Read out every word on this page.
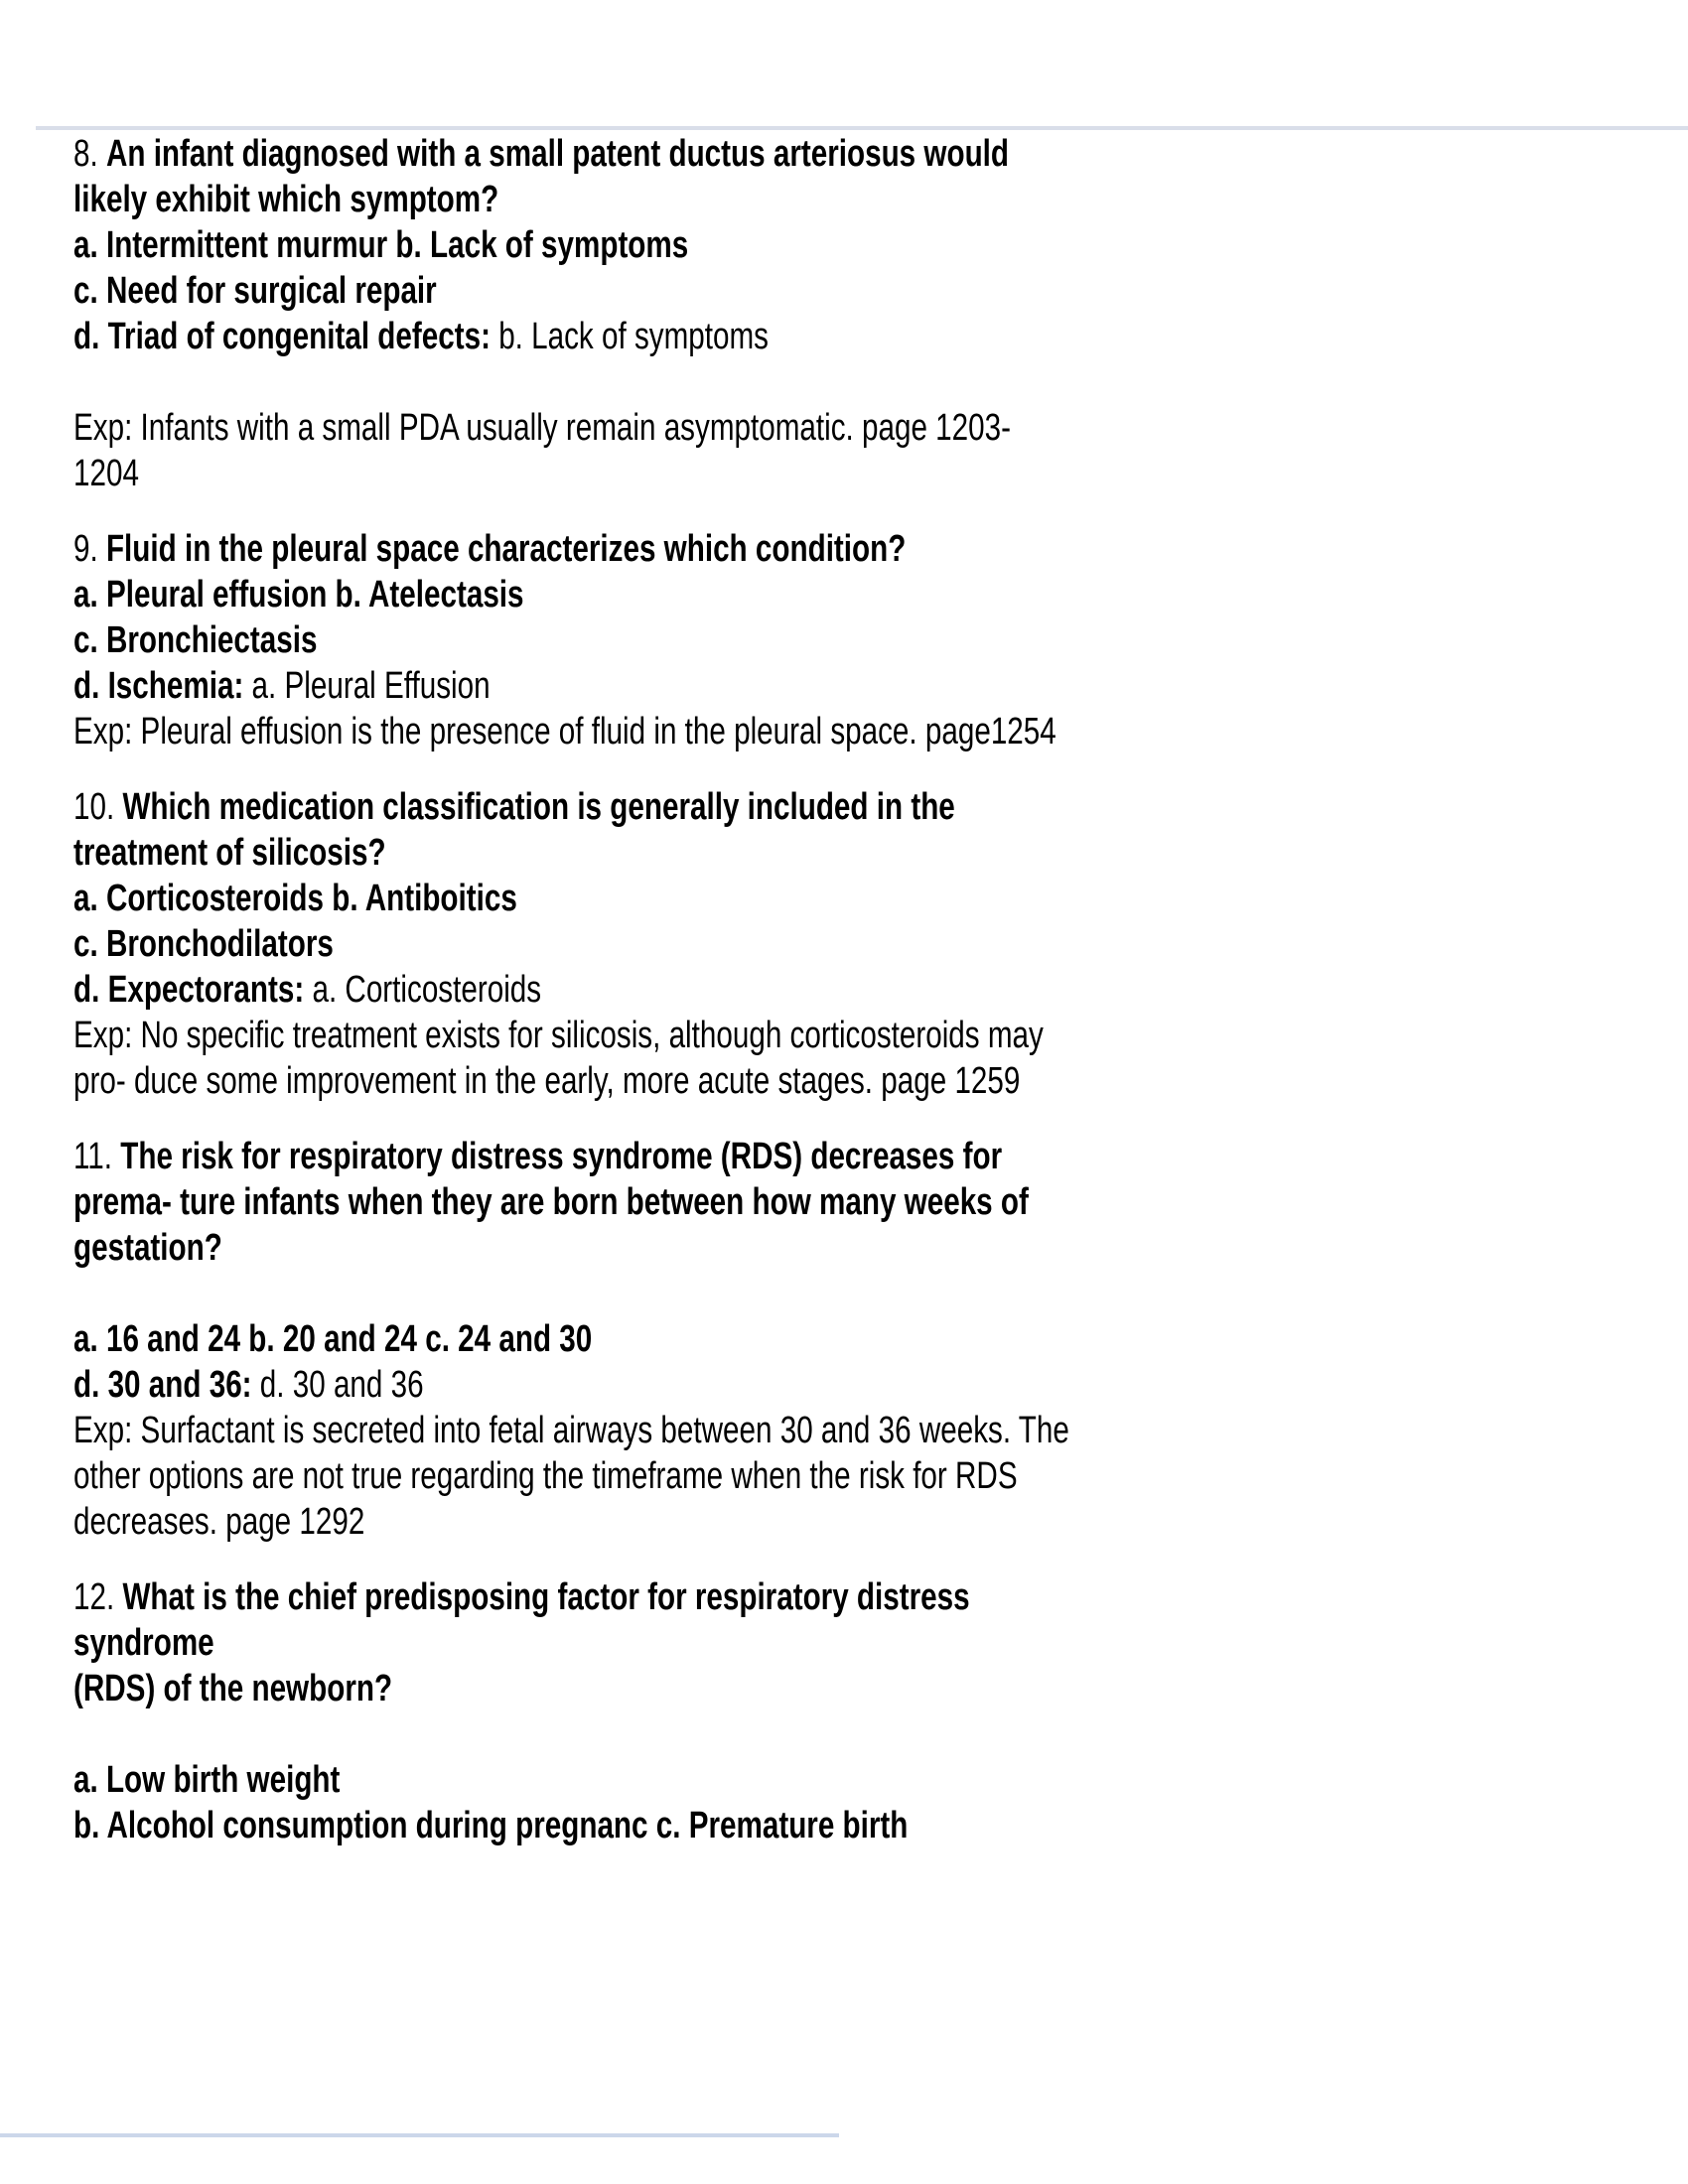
8. An infant diagnosed with a small patent ductus arteriosus would
likely exhibit which symptom?
a. Intermittent murmur b. Lack of symptoms
c. Need for surgical repair
d. Triad of congenital defects: b. Lack of symptoms

Exp: Infants with a small PDA usually remain asymptomatic. page 1203-
1204
9. Fluid in the pleural space characterizes which condition?
a. Pleural effusion b. Atelectasis
c. Bronchiectasis
d. Ischemia: a. Pleural Effusion
Exp: Pleural effusion is the presence of fluid in the pleural space. page1254
10. Which medication classification is generally included in the
treatment of silicosis?
a. Corticosteroids b. Antiboitics
c. Bronchodilators
d. Expectorants: a. Corticosteroids
Exp: No specific treatment exists for silicosis, although corticosteroids may
pro- duce some improvement in the early, more acute stages. page 1259
11. The risk for respiratory distress syndrome (RDS) decreases for
prema- ture infants when they are born between how many weeks of
gestation?

a. 16 and 24 b. 20 and 24 c. 24 and 30
d. 30 and 36: d. 30 and 36
Exp: Surfactant is secreted into fetal airways between 30 and 36 weeks. The
other options are not true regarding the timeframe when the risk for RDS
decreases. page 1292
12. What is the chief predisposing factor for respiratory distress
syndrome
(RDS) of the newborn?

a. Low birth weight
b. Alcohol consumption during pregnanc c. Premature birth
